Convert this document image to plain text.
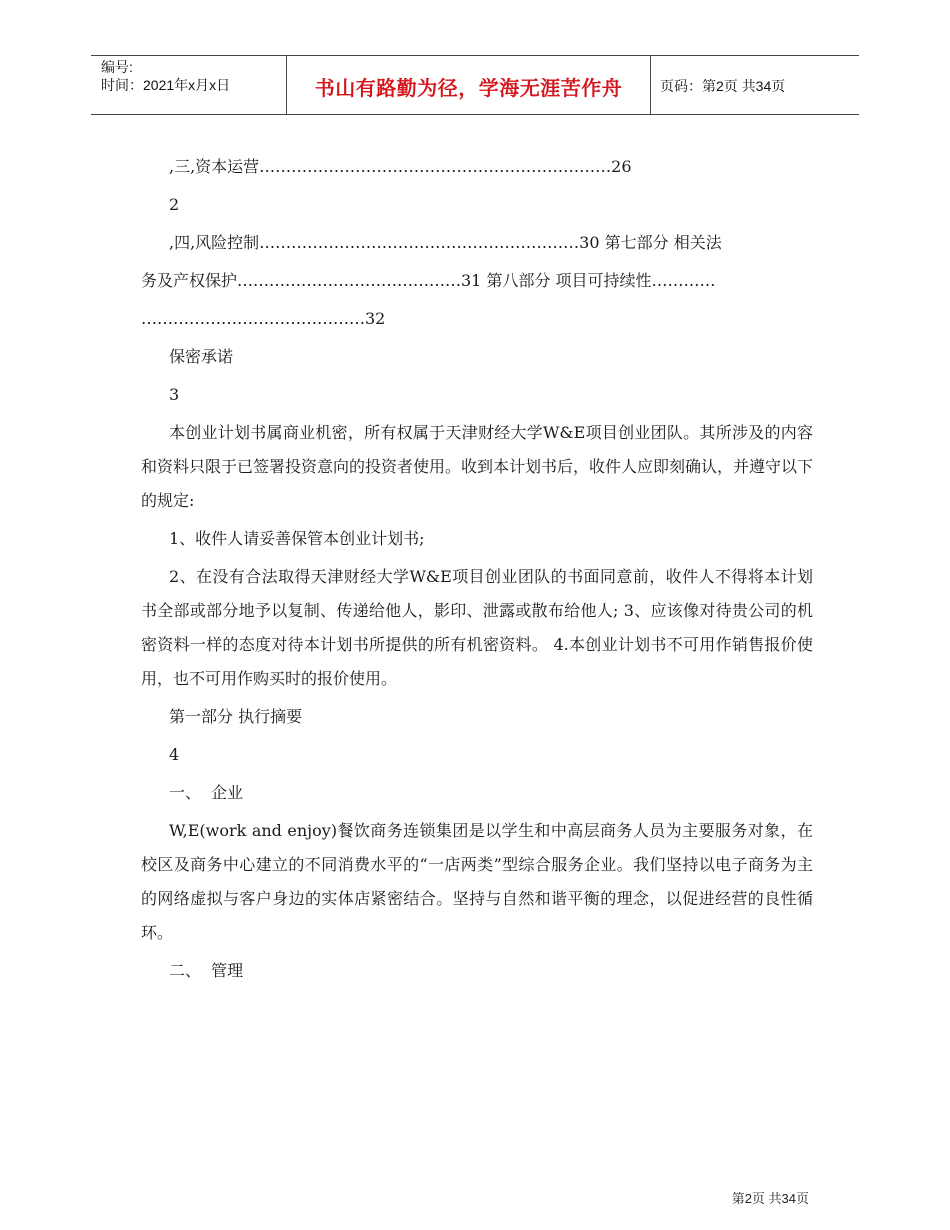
编号:
时间：2021年x月x日	书山有路勤为径，学海无涯苦作舟	页码：第2页 共34页
,三,资本运营…………………………………………………………26
2
,四,风险控制……………………………………………………30 第七部分 相关法
务及产权保护……………………………………31 第八部分 项目可持续性…………
……………………………………32
保密承诺
3

本创业计划书属商业机密，所有权属于天津财经大学W&E项目创业团队。其所涉及的内容和资料只限于已签署投资意向的投资者使用。收到本计划书后，收件人应即刻确认，并遵守以下的规定:

1、收件人请妥善保管本创业计划书;

2、在没有合法取得天津财经大学W&E项目创业团队的书面同意前，收件人不得将本计划书全部或部分地予以复制、传递给他人，影印、泄露或散布给他人; 3、应该像对待贵公司的机密资料一样的态度对待本计划书所提供的所有机密资料。 4.本创业计划书不可用作销售报价使用，也不可用作购买时的报价使用。

第一部分 执行摘要
4
一、  企业

W,E(work and enjoy)餐饮商务连锁集团是以学生和中高层商务人员为主要服务对象，在校区及商务中心建立的不同消费水平的“一店两类”型综合服务企业。我们坚持以电子商务为主的网络虚拟与客户身边的实体店紧密结合。坚持与自然和谐平衡的理念，以促进经营的良性循环。

二、  管理
第2页 共34页
